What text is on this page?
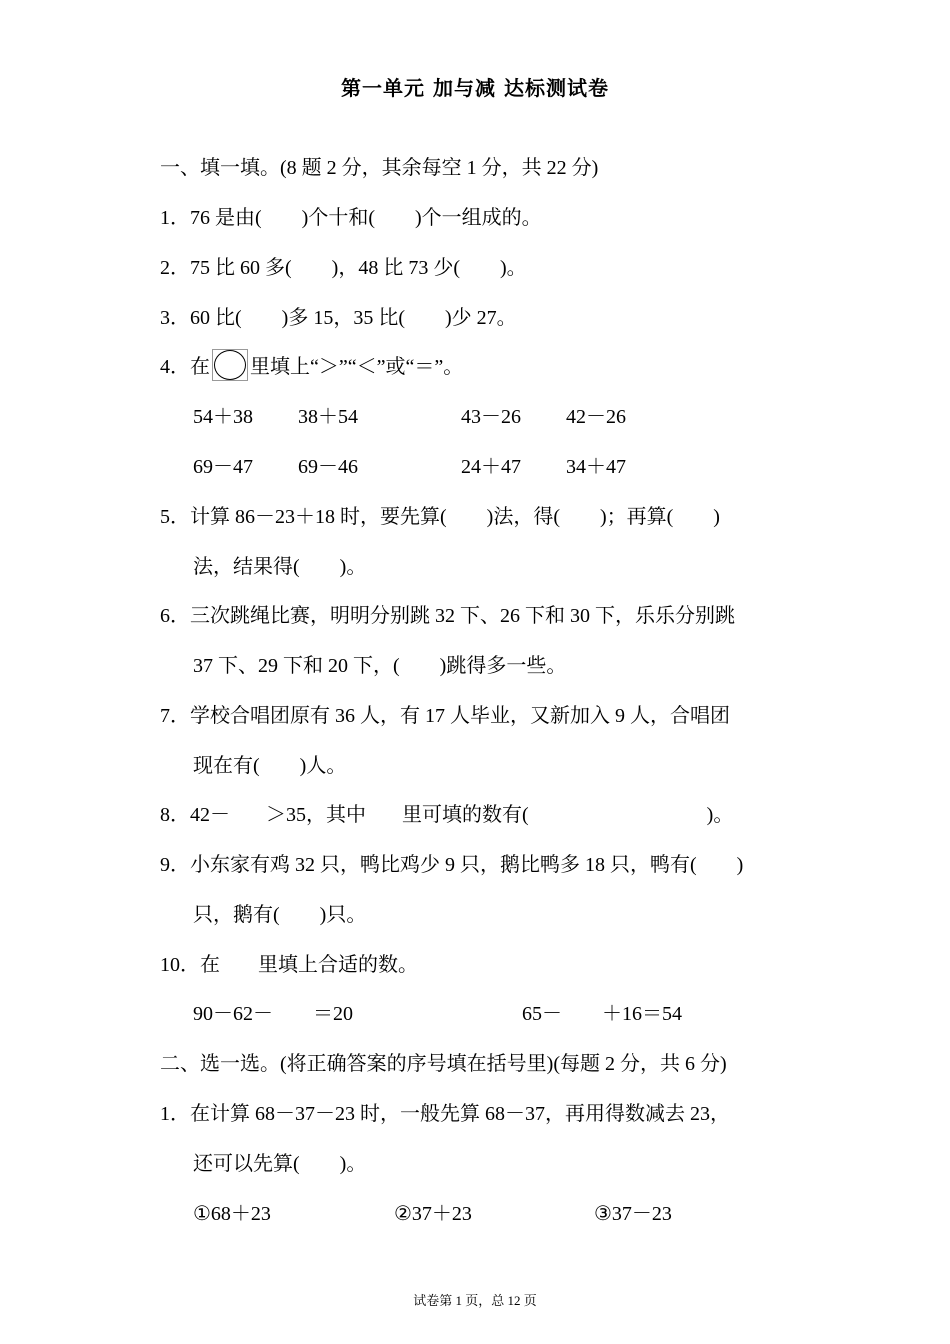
第一单元 加与减 达标测试卷
一、填一填。(8 题 2 分，其余每空 1 分，共 22 分)
1．76 是由(　　)个十和(　　)个一组成的。
2．75 比 60 多(　　)，48 比 73 少(　　)。
3．60 比(　　)多 15，35 比(　　)少 27。
4．在 里填上“＞”“＜”或“＝”。
54＋38 38＋54	43－26 42－26
69－47 69－46	24＋47 34＋47
5．计算 86－23＋18 时，要先算(　　)法，得(　　)；再算(　　)
法，结果得(　　)。
6．三次跳绳比赛，明明分别跳 32 下、26 下和 30 下，乐乐分别跳
37 下、29 下和 20 下，(　　)跳得多一些。
7．学校合唱团原有 36 人，有 17 人毕业，又新加入 9 人，合唱团
现在有(　　)人。
8．42－ ＞35，其中 里可填的数有(	)。
9．小东家有鸡 32 只，鸭比鸡少 9 只，鹅比鸭多 18 只，鸭有(　　)
只，鹅有(　　)只。
10．在 里填上合适的数。
90－62－ ＝20	65－ ＋16＝54
二、选一选。(将正确答案的序号填在括号里)(每题 2 分，共 6 分)
1．在计算 68－37－23 时，一般先算 68－37，再用得数减去 23，
还可以先算(　　)。
①68＋23	②37＋23	③37－23
试卷第 1 页，总 12 页
